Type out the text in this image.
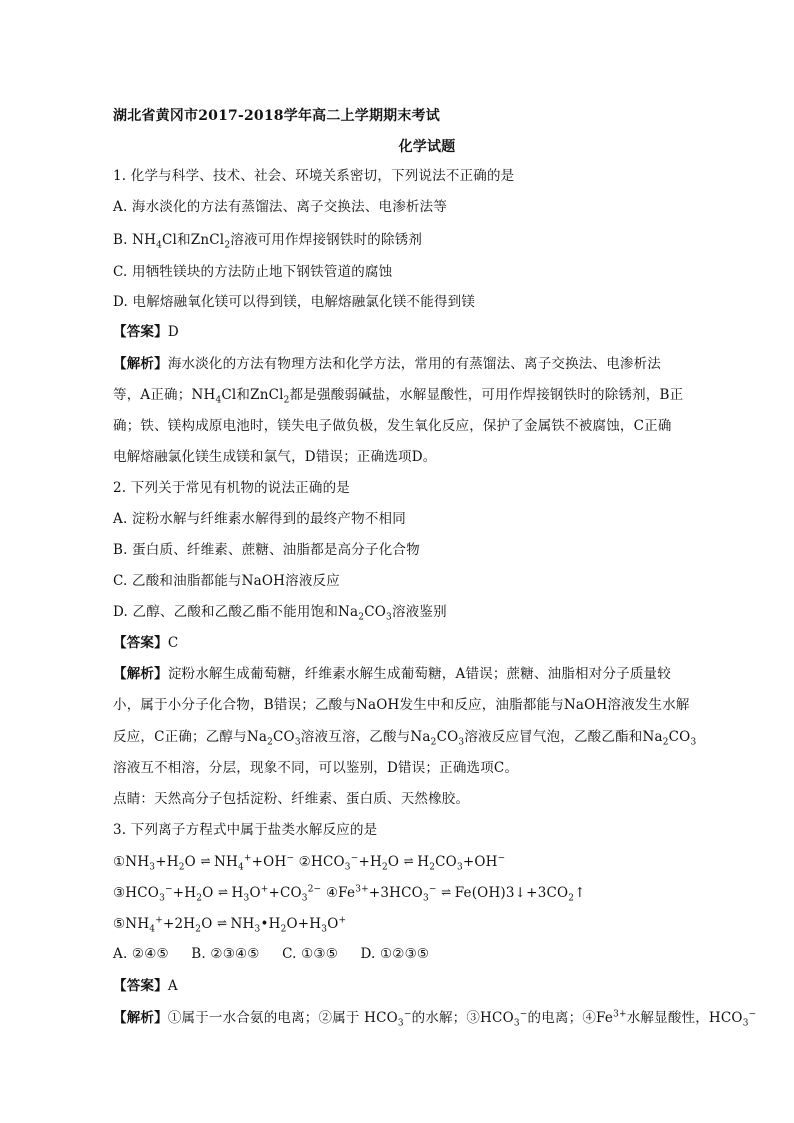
湖北省黄冈市2017-2018学年高二上学期期末考试
化学试题
1. 化学与科学、技术、社会、环境关系密切，下列说法不正确的是
A. 海水淡化的方法有蒸馏法、离子交换法、电渗析法等
B. $NH_4Cl$和ZnCl$_2$溶液可用作焊接钢铁时的除锈剂
C. 用牺牲镁块的方法防止地下钢铁管道的腐蚀
D. 电解熔融氧化镁可以得到镁，电解熔融氯化镁不能得到镁
【答案】D
【解析】海水淡化的方法有物理方法和化学方法，常用的有蒸馏法、离子交换法、电渗析法
等，A正确；$NH_4Cl$和ZnCl$_2$都是强酸弱碱盐，水解显酸性，可用作焊接钢铁时的除锈剂，B正
确；铁、镁构成原电池时，镁失电子做负极，发生氧化反应，保护了金属铁不被腐蚀，C正确
电解熔融氯化镁生成镁和氯气，D错误；正确选项D。
2. 下列关于常见有机物的说法正确的是
A. 淀粉水解与纤维素水解得到的最终产物不相同
B. 蛋白质、纤维素、蔗糖、油脂都是高分子化合物
C. 乙酸和油脂都能与NaOH溶液反应
D. 乙醇、乙酸和乙酸乙酯不能用饱和$Na_2CO_3$溶液鉴别
【答案】C
【解析】淀粉水解生成葡萄糖，纤维素水解生成葡萄糖，A错误；蔗糖、油脂相对分子质量较
小，属于小分子化合物，B错误；乙酸与NaOH发生中和反应，油脂都能与NaOH溶液发生水解
反应，C正确；乙醇与$Na_2CO_3$溶液互溶，乙酸与$Na_2CO_3$溶液反应冒气泡，乙酸乙酯和$Na_2CO_3$
溶液互不相溶，分层，现象不同，可以鉴别，D错误；正确选项C。
点睛：天然高分子包括淀粉、纤维素、蛋白质、天然橡胶。
3. 下列离子方程式中属于盐类水解反应的是
$①NH_3+H_2O$ ⇌ $NH_4^++OH^-$ $②HCO_3^-+H_2O$ ⇌ $H_2CO_3+OH^-$
$③HCO_3^-+H_2O$ ⇌ $H_3O^++CO_3^{2-}$ $④Fe^{3+}+3HCO_3^-$ ⇌ $Fe(OH)3↓+3CO_2↑$
$⑤NH_4^++2H_2O$ ⇌ $NH_3•H_2O+H_3O^+$
A. ②④⑤     B. ②③④⑤     C. ①③⑤     D. ①②③⑤
【答案】A
【解析】①属于一水合氨的电离；②属于 $HCO_3^-$的水解；$③HCO_3^-$的电离；$④Fe^{3+}$水解显酸性，$HCO_3^-$
